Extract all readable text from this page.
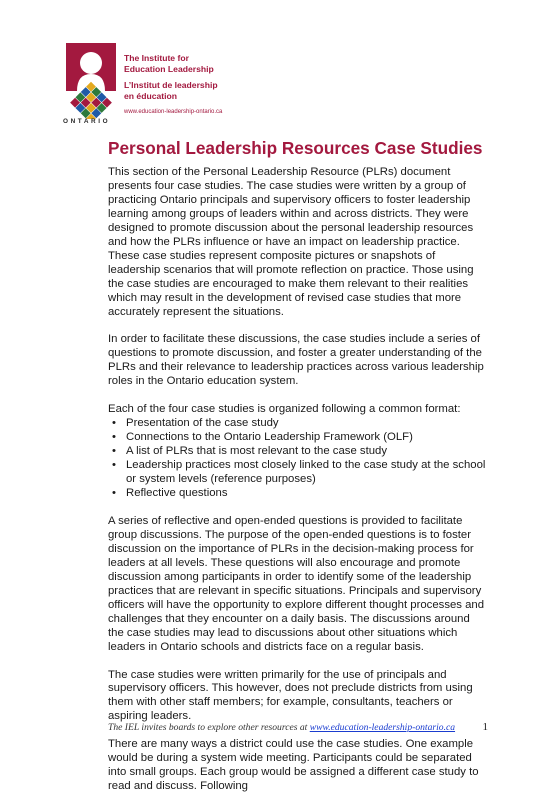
ONTARIO
The Institute for
Education Leadership
L’Institut de leadership
en éducation
www.education-leadership-ontario.ca
Personal Leadership Resources Case Studies

This section of the Personal Leadership Resource (PLRs) document presents four case studies. The case studies were written by a group of practicing Ontario principals and supervisory officers to foster leadership learning among groups of leaders within and across districts. They were designed to promote discussion about the personal leadership resources and how the PLRs influence or have an impact on leadership practice. These case studies represent composite pictures or snapshots of leadership scenarios that will promote reflection on practice. Those using the case studies are encouraged to make them relevant to their realities which may result in the development of revised case studies that more accurately represent the situations.

In order to facilitate these discussions, the case studies include a series of questions to promote discussion, and foster a greater understanding of the PLRs and their relevance to leadership practices across various leadership roles in the Ontario education system.

Each of the four case studies is organized following a common format:

• Presentation of the case study
• Connections to the Ontario Leadership Framework (OLF)
• A list of PLRs that is most relevant to the case study
• Leadership practices most closely linked to the case study at the school or system levels (reference purposes)
• Reflective questions

A series of reflective and open-ended questions is provided to facilitate group discussions. The purpose of the open-ended questions is to foster discussion on the importance of PLRs in the decision-making process for leaders at all levels. These questions will also encourage and promote discussion among participants in order to identify some of the leadership practices that are relevant in specific situations. Principals and supervisory officers will have the opportunity to explore different thought processes and challenges that they encounter on a daily basis. The discussions around the case studies may lead to discussions about other situations which leaders in Ontario schools and districts face on a regular basis.

The case studies were written primarily for the use of principals and supervisory officers. This however, does not preclude districts from using them with other staff members; for example, consultants, teachers or aspiring leaders.

There are many ways a district could use the case studies. One example would be during a system wide meeting. Participants could be separated into small groups. Each group would be assigned a different case study to read and discuss. Following

The IEL invites boards to explore other resources at www.education-leadership-ontario.ca	1
